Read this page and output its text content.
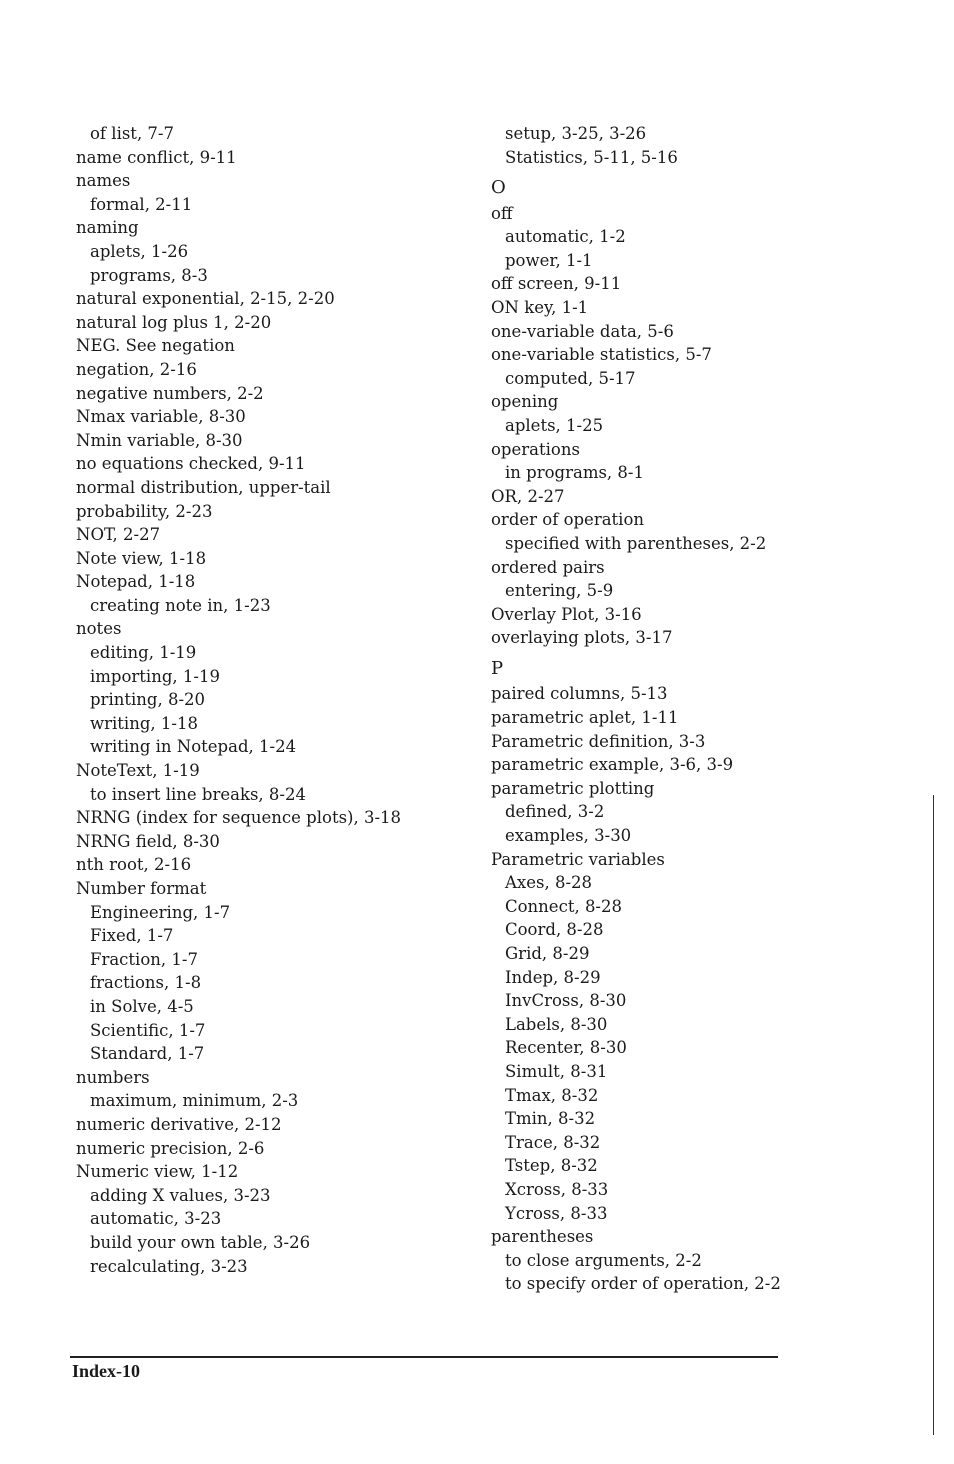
of list, 7-7
name conflict, 9-11
names
formal, 2-11
naming
aplets, 1-26
programs, 8-3
natural exponential, 2-15, 2-20
natural log plus 1, 2-20
NEG. See negation
negation, 2-16
negative numbers, 2-2
Nmax variable, 8-30
Nmin variable, 8-30
no equations checked, 9-11
normal distribution, upper-tail
probability, 2-23
NOT, 2-27
Note view, 1-18
Notepad, 1-18
creating note in, 1-23
notes
editing, 1-19
importing, 1-19
printing, 8-20
writing, 1-18
writing in Notepad, 1-24
NoteText, 1-19
to insert line breaks, 8-24
NRNG (index for sequence plots), 3-18
NRNG field, 8-30
nth root, 2-16
Number format
Engineering, 1-7
Fixed, 1-7
Fraction, 1-7
fractions, 1-8
in Solve, 4-5
Scientific, 1-7
Standard, 1-7
numbers
maximum, minimum, 2-3
numeric derivative, 2-12
numeric precision, 2-6
Numeric view, 1-12
adding X values, 3-23
automatic, 3-23
build your own table, 3-26
recalculating, 3-23
setup, 3-25, 3-26
Statistics, 5-11, 5-16
O
off
automatic, 1-2
power, 1-1
off screen, 9-11
ON key, 1-1
one-variable data, 5-6
one-variable statistics, 5-7
computed, 5-17
opening
aplets, 1-25
operations
in programs, 8-1
OR, 2-27
order of operation
specified with parentheses, 2-2
ordered pairs
entering, 5-9
Overlay Plot, 3-16
overlaying plots, 3-17
P
paired columns, 5-13
parametric aplet, 1-11
Parametric definition, 3-3
parametric example, 3-6, 3-9
parametric plotting
defined, 3-2
examples, 3-30
Parametric variables
Axes, 8-28
Connect, 8-28
Coord, 8-28
Grid, 8-29
Indep, 8-29
InvCross, 8-30
Labels, 8-30
Recenter, 8-30
Simult, 8-31
Tmax, 8-32
Tmin, 8-32
Trace, 8-32
Tstep, 8-32
Xcross, 8-33
Ycross, 8-33
parentheses
to close arguments, 2-2
to specify order of operation, 2-2
Index-10
